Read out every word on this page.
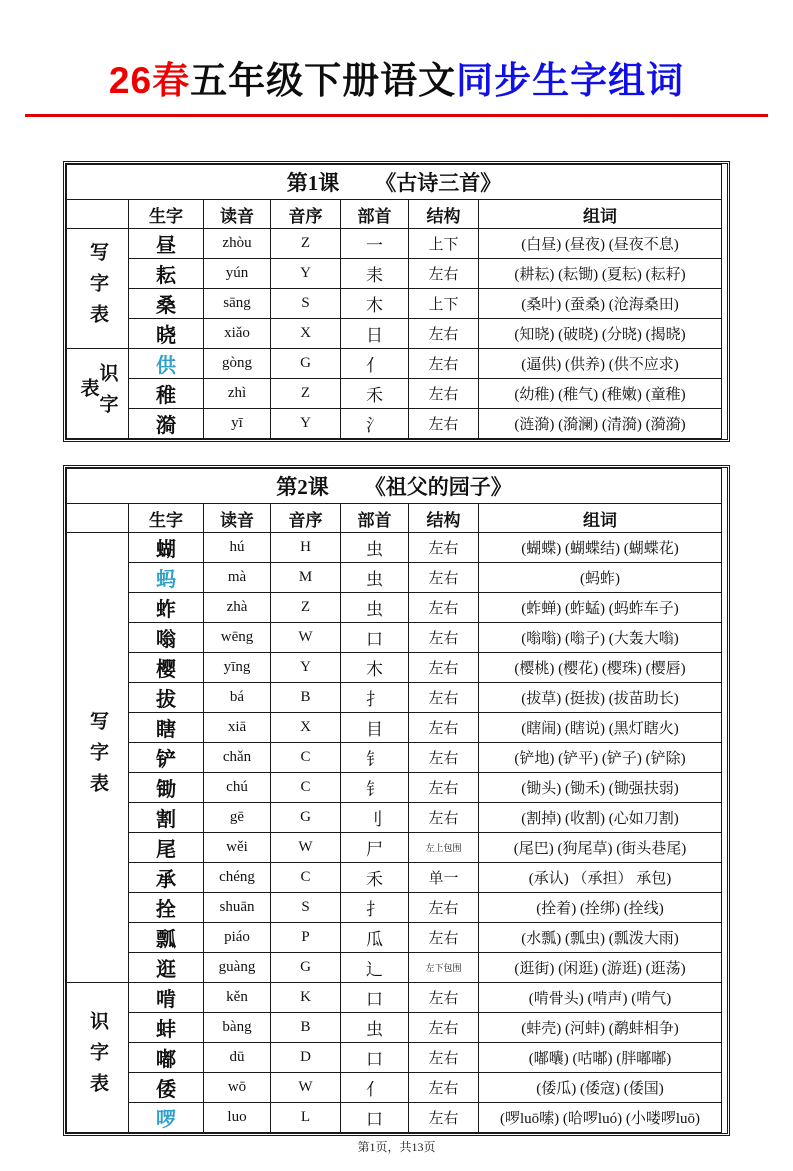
26春五年级下册语文同步生字组词
第1课 《古诗三首》						
	生字	读音	音序	部首	结构	组词

写字表	昼	zhòu	Z	一	上下	(白昼) (昼夜) (昼夜不息)
	耘	yún	Y	耒	左右	(耕耘) (耘锄) (夏耘) (耘耔)
	桑	sāng	S	木	上下	(桑叶) (蚕桑) (沧海桑田)
	晓	xiǎo	X	日	左右	(知晓) (破晓) (分晓) (揭晓)

识字表	供	gòng	G	亻	左右	(逼供) (供养) (供不应求)
	稚	zhì	Z	禾	左右	(幼稚) (稚气) (稚嫩) (童稚)
	漪	yī	Y	氵	左右	(涟漪) (漪澜) (清漪) (漪漪)
第2课 《祖父的园子》						
	生字	读音	音序	部首	结构	组词

写字表	蝴	hú	H	虫	左右	(蝴蝶) (蝴蝶结) (蝴蝶花)
	蚂	mà	M	虫	左右	(蚂蚱)
	蚱	zhà	Z	虫	左右	(蚱蝉) (蚱蜢) (蚂蚱车子)
	嗡	wēng	W	口	左右	(嗡嗡) (嗡子) (大轰大嗡)
	樱	yīng	Y	木	左右	(樱桃) (樱花) (樱珠) (樱唇)
	拔	bá	B	扌	左右	(拔草) (挺拔) (拔苗助长)
	瞎	xiā	X	目	左右	(瞎闹) (瞎说) (黑灯瞎火)
	铲	chǎn	C	钅	左右	(铲地) (铲平) (铲子) (铲除)
	锄	chú	C	钅	左右	(锄头) (锄禾) (锄强扶弱)
	割	gē	G	刂	左右	(割掉) (收割) (心如刀割)
	尾	wěi	W	尸	左上包围	(尾巴) (狗尾草) (街头巷尾)
	承	chéng	C	禾	单一	(承认) （承担） 承包)
	拴	shuān	S	扌	左右	(拴着) (拴绑) (拴线)
	瓢	piáo	P	瓜	左右	(水瓢) (瓢虫) (瓢泼大雨)
	逛	guàng	G	辶	左下包围	(逛街) (闲逛) (游逛) (逛荡)

识字表	啃	kěn	K	口	左右	(啃骨头) (啃声) (啃气)
	蚌	bàng	B	虫	左右	(蚌壳) (河蚌) (鹬蚌相争)
	嘟	dū	D	口	左右	(嘟囔) (咕嘟) (胖嘟嘟)
	倭	wō	W	亻	左右	(倭瓜) (倭寇) (倭国)
	啰	luo	L	口	左右	(啰luō嗦) (哈啰luó) (小喽啰luō)
第1页，共13页
